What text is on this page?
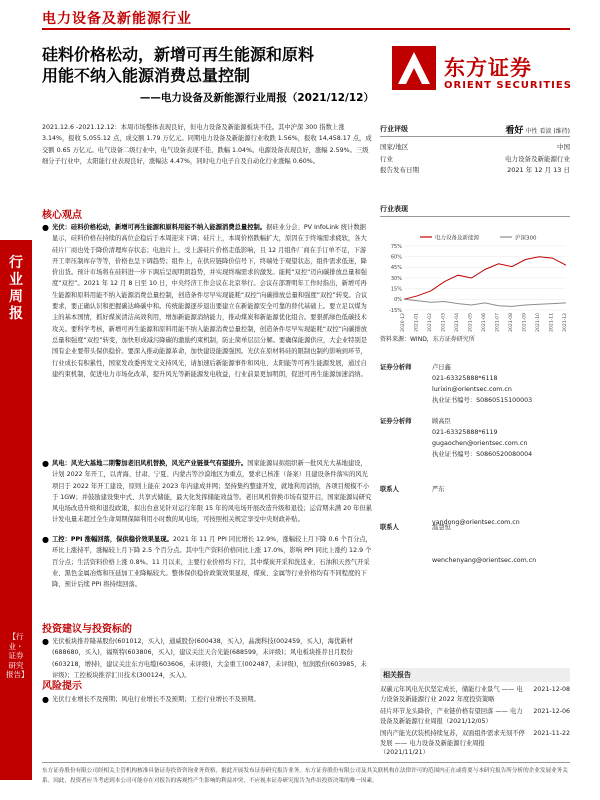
电力设备及新能源行业
硅料价格松动，新增可再生能源和原料
用能不纳入能源消费总量控制
——电力设备及新能源行业周报（2021/12/12）
东方证券
ORIENT SECURITIES
行业周报
【行业・证券研究报告】
2021.12.6 -2021.12.12：本周市场整体表现良好，但电力设备及新能源板块不佳。其中沪深 300 指数上涨 3.14%，报收 5,055.12 点，成交额 1.79 万亿元。同期电力设备及新能源行业收跌 1.56%，报收 14,458.17 点，成交额 0.65 万亿元。电气设备二级行业中，电气设备表现不佳，跌幅 1.04%。电源设备表现良好，涨幅 2.59%。三级细分子行业中，太阳能行业表现良好，涨幅达 4.47%，同时电力电子自及自动化行业涨幅 0.60%。
核心观点
● 光伏：硅料价格松动，新增可再生能源和原料用能不纳入能源消费总量控制。据硅业分会、PV InfoLink 统计数据显示，硅料价格在持续的高位企稳后于本周迎来下调；硅片上，本周价格跌幅扩大，原因在于终端需求疲软，各大硅片厂商也处于降价清理库存状态；电池片上，受上游硅片价格走低影响，且 12 月组件厂商在手订单不足，下游开工率压制库存等等，价格也呈下调趋势；组件上，在供应链降价信号下，终端处于观望状态，组件需求低迷，降价出货。预计市场将在硅料进一步下调后呈现明朗趋势，并实现终端需求的激发。能耗“双控”迈向碳排放总量和强度“双控”。2021 年 12 月 8 日至 10 日，中央经济工作会议在北京举行。会议在部署明年工作时指出，新增可再生能源和原料用能不纳入能源消费总量控制，创造条件尽早实现能耗“双控”向碳排放总量和强度“双控”转变。合议要求，要正确认识和把握碳达峰碳中和。传统能源逐步退出要建立在新能源安全可靠的替代基础上。要立足以煤为主的基本国情，抓好煤炭清洁高效利用，增加新能源消纳能力，推动煤炭和新能源优化组合。要狠抓绿色低碳技术攻关。要科学考核，新增可再生能源和原料用能不纳入能源消费总量控制，创造条件尽早实现能耗“双控”向碳排放总量和强度“双控”转变，加快形成减污降碳的激励约束机制，防止简单层层分解。要确保能源供应，大企业特别是国有企业要带头保供稳价。要深入推动能源革命，加快建设能源强国。光伏在原材料硅的限制也制约影响到环节，行业成长有积累性，国家发改委再发文支持风光，请加速后新能源事件和风电、太阳能等可再生能源发展，通过自建约束机制，促进电力市场化改革，提升风光等新能源发电收益，行业前景更加明朗，促进可再生能源加速消纳。
● 风电：风光大基地二期警加老旧风机替换，风光产业链景气有望提升。国家能源局拟组织新一批风光大基地建设，计划 2022 年开工，以青海、甘肃、宁夏、内蒙古等沙漠地区为重点，要求已核准（备案）且建设条件落实的风光项目于 2022 年开工建设，原则上能在 2023 年内建成并网；坚持集约整建开发，就地利用消纳，各项目规模不小于 1GW；并鼓励建设集中式、共享式储能，最大化发挥储能效益等。老旧风机替换市场有望开启，国家能源局研究风电场改造升级和退役政策，拟出台意见针对运行年限 15 年的风电场开展改造升级和退役；运营期未满 20 年但累计发电量未超过全生命周期保障利用小时数的风电场，可按照相关规定享受中央财政补贴。
● 工控：PPI 涨幅回落，保供稳价效果显现。2021 年 11 月 PPI 同比增长 12.9%，涨幅较上月下降 0.6 个百分点，环比上涨持平，涨幅较上月下降 2.5 个百分点。其中生产资料价格同比上涨 17.0%，影响 PPI 同比上涨约 12.9 个百分点；生活资料价格上涨 0.8%。11 月以来，主要行业价格均下行，其中煤炭开采和洗选业、石油和天然气开采业、黑色金属冶炼和压延加工业降幅较大。整体保供稳价政策效果显现，煤炭、金属等行业价格均有不同程度的下降，预计后续 PPI 将持续回落。
投资建议与投资标的
● 光伏板块推荐隆基股份(601012，买入)，通威股份(600438，买入)，晶澳科技(002459，买入)，海优新材(688680，买入)，福斯特(603806，买入)，建议关注天合光能(688599，未评级)；风电板块推荐日月股份(603218，增持)，建议关注东方电缆(603606，未评级)，大金重工(002487，未评级)，恒润股份(603985，未评级)；工控板块推荐汇川技术(300124，买入)。
风险提示
● 光伏行业增长不及预期；风电行业增长不及预期；工控行业增长不及预期。
行业评级	看好 中性 看淡 (维持)
国家/地区	中国
行业	电力设备及新能源行业
报告发布日期	2021 年 12 月 13 日
行业表现
电力设备及新能源	沪深300
75%
60%
45%
30%
15%
0%
-15%
2020-12 2021-01 2021-02 2021-03 2021-04 2021-05 2021-06 2021-07 2021-08 2021-09 2021-10 2021-11 2021-12
资料来源：WIND，东方证券研究所
证券分析师	卢日鑫
021-63325888*6118
lurixin@orientsec.com.cn
执业证书编号：S0860515100003
证券分析师	顾高臣
021-63325888*6119
gugaochen@orientsec.com.cn
执业证书编号：S0860520080004
联系人	严东
yandong@orientsec.com.cn
联系人	温慧恒
wenchenyang@orientsec.com.cn
相关报告
双碳元年风电光伏坚定成长，储能行业景气 —— 电力设备及新能源行业 2022 年度投资策略
2021-12-08
硅片环节龙头降价，产业链价格有望回落 —— 电力设备及新能源行业周报（2021/12/05）
2021-12-06
国内产能光伏装机持续复苏，双面组件需求无刻不停发展 —— 电力设备及新能源行业周报（2021/11/21）
2021-11-22
东方证券股份有限公司经相关主管机构核准具备证券投资咨询业务资格，据此开展发布证券研究报告业务。东方证券股份有限公司及其关联机构在法律许可的范围内正在或将要与本研究报告所分析的企业发展业务关系。因此，投资者应当考虑到本公司可能存在对报告的客观性产生影响的利益冲突，不应视本证券研究报告为作出投资决策的唯一因素。
